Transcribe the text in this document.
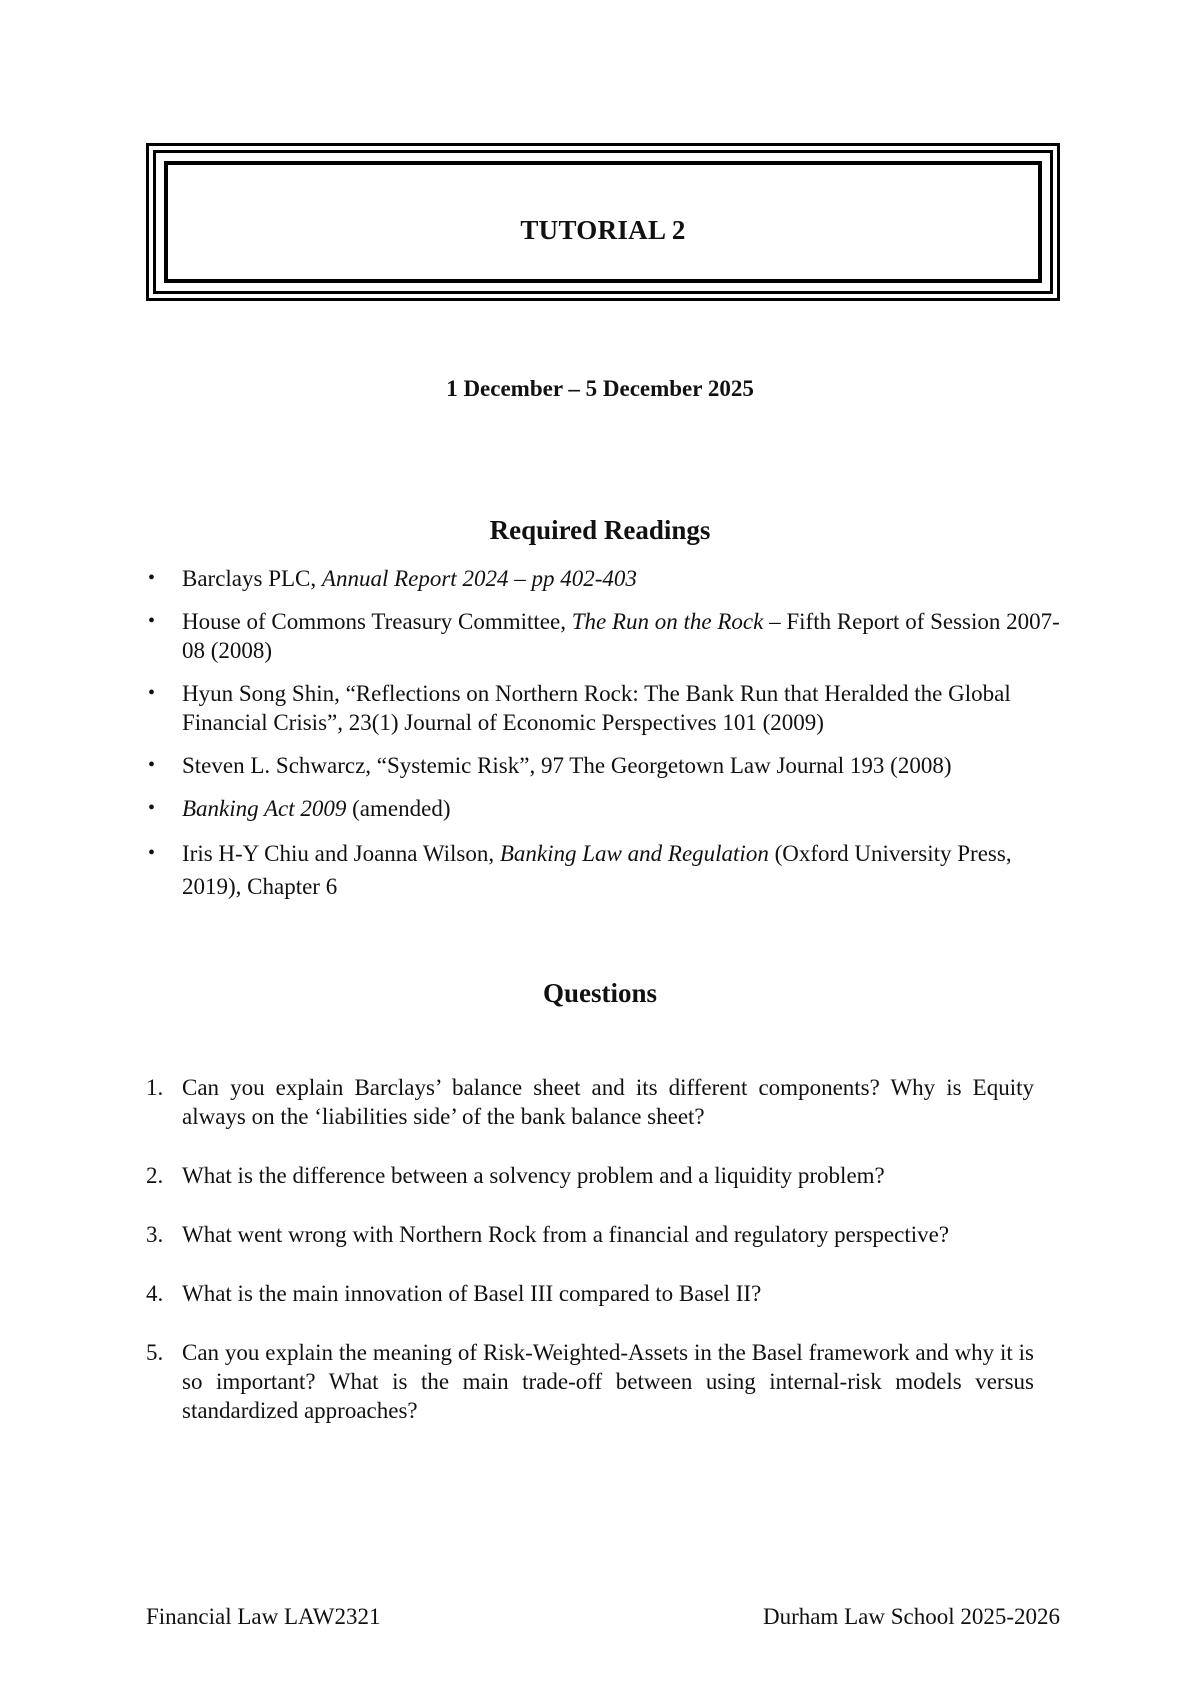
TUTORIAL 2
1 December – 5 December 2025
Required Readings
• Barclays PLC, Annual Report 2024 – pp 402-403
• House of Commons Treasury Committee, The Run on the Rock – Fifth Report of Session 2007-08 (2008)
• Hyun Song Shin, “Reflections on Northern Rock: The Bank Run that Heralded the Global Financial Crisis”, 23(1) Journal of Economic Perspectives 101 (2009)
• Steven L. Schwarcz, “Systemic Risk”, 97 The Georgetown Law Journal 193 (2008)
• Banking Act 2009 (amended)
• Iris H-Y Chiu and Joanna Wilson, Banking Law and Regulation (Oxford University Press, 2019), Chapter 6
Questions
1. Can you explain Barclays’ balance sheet and its different components? Why is Equity always on the ‘liabilities side’ of the bank balance sheet?
2. What is the difference between a solvency problem and a liquidity problem?
3. What went wrong with Northern Rock from a financial and regulatory perspective?
4. What is the main innovation of Basel III compared to Basel II?
5. Can you explain the meaning of Risk-Weighted-Assets in the Basel framework and why it is so important? What is the main trade-off between using internal-risk models versus standardized approaches?
Financial Law LAW2321	Durham Law School 2025-2026
